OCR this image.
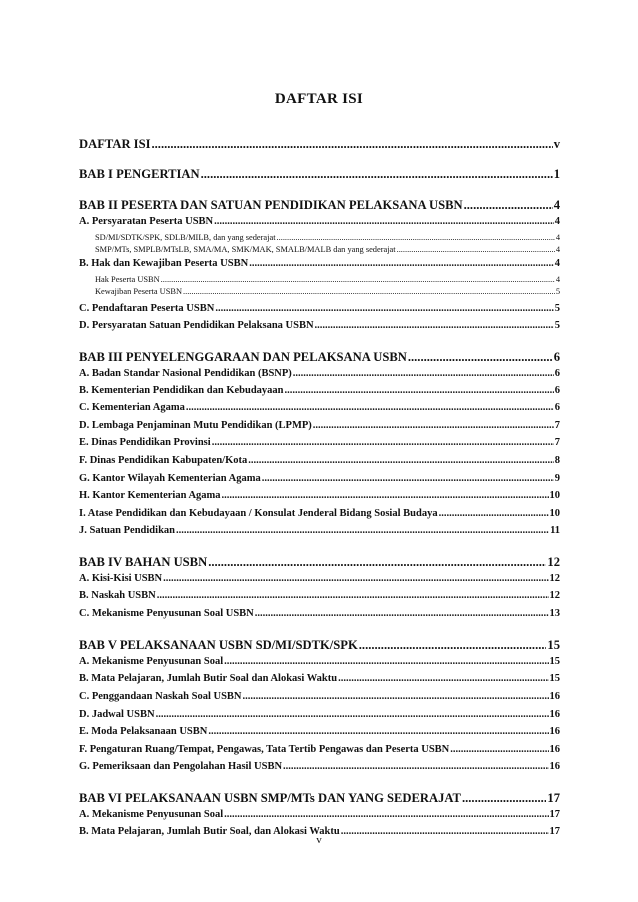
DAFTAR ISI
DAFTAR ISI .....	v
BAB I PENGERTIAN .....	1
BAB II PESERTA DAN SATUAN PENDIDIKAN PELAKSANA USBN .....	4
A. Persyaratan Peserta USBN .....	4
SD/MI/SDTK/SPK, SDLB/MILB, dan yang sederajat .....	4
SMP/MTs, SMPLB/MTsLB, SMA/MA, SMK/MAK, SMALB/MALB dan yang sederajat .....	4
B. Hak dan Kewajiban Peserta USBN .....	4
Hak Peserta USBN .....	4
Kewajiban Peserta USBN .....	5
C. Pendaftaran Peserta USBN .....	5
D. Persyaratan Satuan Pendidikan Pelaksana USBN .....	5
BAB III PENYELENGGARAAN DAN PELAKSANA USBN .....	6
A. Badan Standar Nasional Pendidikan (BSNP) .....	6
B. Kementerian Pendidikan dan Kebudayaan .....	6
C. Kementerian Agama .....	6
D. Lembaga Penjaminan Mutu Pendidikan (LPMP) .....	7
E. Dinas Pendidikan Provinsi .....	7
F. Dinas Pendidikan Kabupaten/Kota .....	8
G. Kantor Wilayah Kementerian Agama .....	9
H. Kantor Kementerian Agama .....	10
I. Atase Pendidikan dan Kebudayaan / Konsulat Jenderal Bidang Sosial Budaya .....	10
J. Satuan Pendidikan .....	11
BAB IV BAHAN USBN .....	12
A. Kisi-Kisi USBN .....	12
B. Naskah USBN .....	12
C. Mekanisme Penyusunan Soal USBN .....	13
BAB V PELAKSANAAN USBN SD/MI/SDTK/SPK .....	15
A. Mekanisme Penyusunan Soal .....	15
B. Mata Pelajaran, Jumlah Butir Soal dan Alokasi Waktu .....	15
C. Penggandaan Naskah Soal USBN .....	16
D. Jadwal USBN .....	16
E. Moda Pelaksanaan USBN .....	16
F. Pengaturan Ruang/Tempat, Pengawas, Tata Tertib Pengawas dan Peserta USBN .....	16
G. Pemeriksaan dan Pengolahan Hasil USBN .....	16
BAB VI PELAKSANAAN USBN SMP/MTs DAN YANG SEDERAJAT .....	17
A. Mekanisme Penyusunan Soal .....	17
B. Mata Pelajaran, Jumlah Butir Soal, dan Alokasi Waktu .....	17
v
